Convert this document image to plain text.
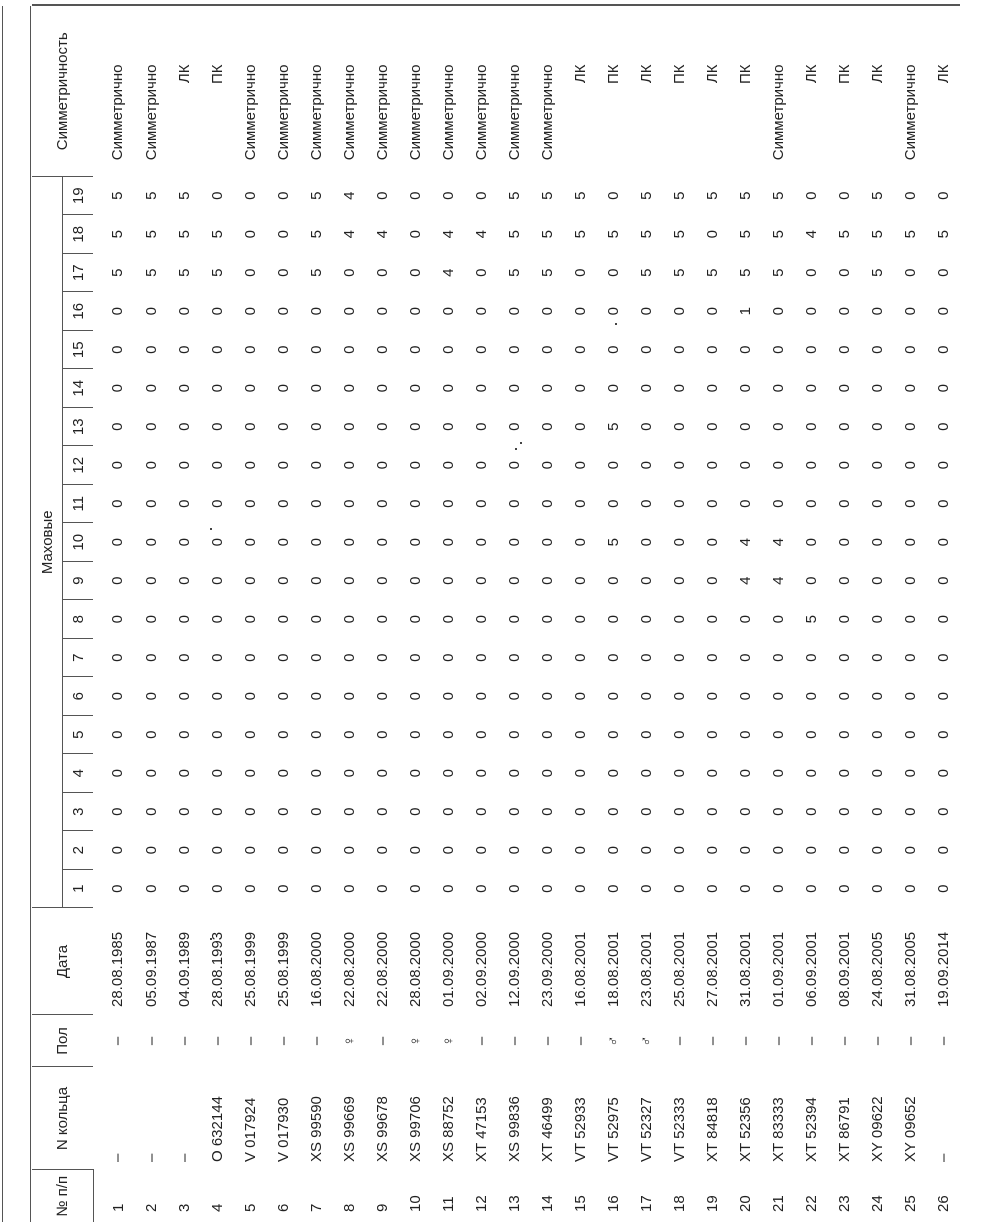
№ п/п	N кольца	Пол	Дата	Маховые																			Симметричность
				1	2	3	4	5	6	7	8	9	10	11	12	13	14	15	16	17	18	19	
1	–	–	28.08.1985	0	0	0	0	0	0	0	0	0	0	0	0	0	0	0	0	5	5	5	Симметрично
2	–	–	05.09.1987	0	0	0	0	0	0	0	0	0	0	0	0	0	0	0	0	5	5	5	Симметрично
3	–	–	04.09.1989	0	0	0	0	0	0	0	0	0	0	0	0	0	0	0	0	5	5	5	ЛК
4	O 632144	–	28.08.1993	0	0	0	0	0	0	0	0	0	0	0	0	0	0	0	0	5	5	0	ПК
5	V 017924	–	25.08.1999	0	0	0	0	0	0	0	0	0	0	0	0	0	0	0	0	0	0	0	Симметрично
6	V 017930	–	25.08.1999	0	0	0	0	0	0	0	0	0	0	0	0	0	0	0	0	0	0	0	Симметрично
7	XS 99590	–	16.08.2000	0	0	0	0	0	0	0	0	0	0	0	0	0	0	0	0	5	5	5	Симметрично
8	XS 99669	♀	22.08.2000	0	0	0	0	0	0	0	0	0	0	0	0	0	0	0	0	0	4	4	Симметрично
9	XS 99678	–	22.08.2000	0	0	0	0	0	0	0	0	0	0	0	0	0	0	0	0	0	4	0	Симметрично
10	XS 99706	♀	28.08.2000	0	0	0	0	0	0	0	0	0	0	0	0	0	0	0	0	0	0	0	Симметрично
11	XS 88752	♀	01.09.2000	0	0	0	0	0	0	0	0	0	0	0	0	0	0	0	0	4	4	0	Симметрично
12	XT 47153	–	02.09.2000	0	0	0	0	0	0	0	0	0	0	0	0	0	0	0	0	0	4	0	Симметрично
13	XS 99836	–	12.09.2000	0	0	0	0	0	0	0	0	0	0	0	0	0	0	0	0	5	5	5	Симметрично
14	XT 46499	–	23.09.2000	0	0	0	0	0	0	0	0	0	0	0	0	0	0	0	0	5	5	5	Симметрично
15	VT 52933	–	16.08.2001	0	0	0	0	0	0	0	0	0	0	0	0	0	0	0	0	0	5	5	ЛК
16	VT 52975	♂	18.08.2001	0	0	0	0	0	0	0	0	0	5	0	0	5	0	0	0	0	5	0	ПК
17	VT 52327	♂	23.08.2001	0	0	0	0	0	0	0	0	0	0	0	0	0	0	0	0	5	5	5	ЛК
18	VT 52333	–	25.08.2001	0	0	0	0	0	0	0	0	0	0	0	0	0	0	0	0	5	5	5	ПК
19	XT 84818	–	27.08.2001	0	0	0	0	0	0	0	0	0	0	0	0	0	0	0	0	5	0	5	ЛК
20	XT 52356	–	31.08.2001	0	0	0	0	0	0	0	0	4	4	0	0	0	0	0	1	5	5	5	ПК
21	XT 83333	–	01.09.2001	0	0	0	0	0	0	0	0	4	4	0	0	0	0	0	0	5	5	5	Симметрично
22	XT 52394	–	06.09.2001	0	0	0	0	0	0	0	5	0	0	0	0	0	0	0	0	0	4	0	ЛК
23	XT 86791	–	08.09.2001	0	0	0	0	0	0	0	0	0	0	0	0	0	0	0	0	0	5	0	ПК
24	XY 09622	–	24.08.2005	0	0	0	0	0	0	0	0	0	0	0	0	0	0	0	0	5	5	5	ЛК
25	XY 09652	–	31.08.2005	0	0	0	0	0	0	0	0	0	0	0	0	0	0	0	0	0	5	0	Симметрично
26	–	–	19.09.2014	0	0	0	0	0	0	0	0	0	0	0	0	0	0	0	0	0	5	0	ЛК
